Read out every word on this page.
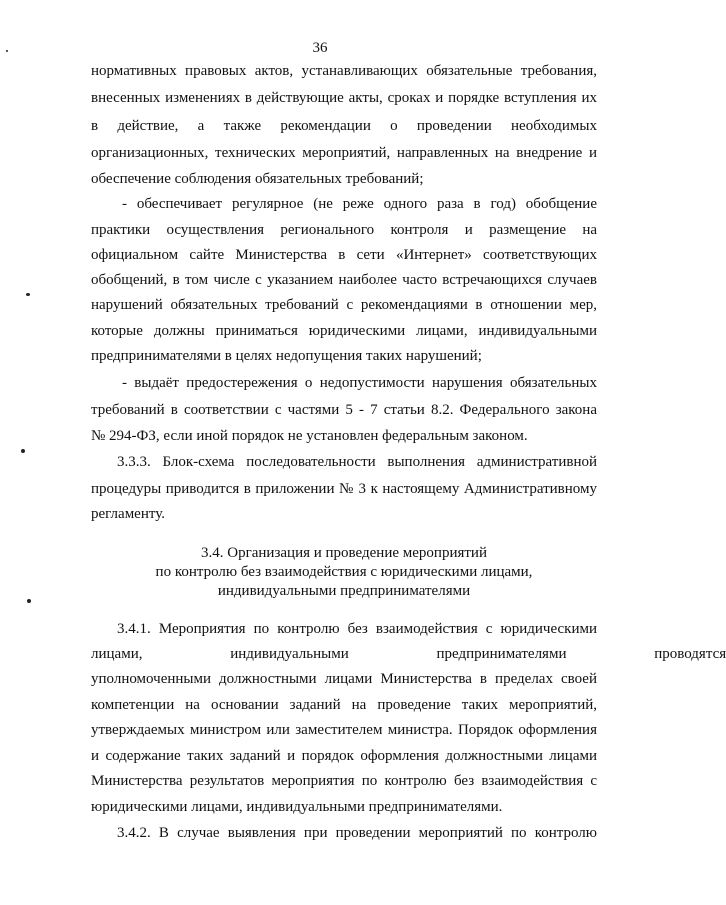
36
нормативных правовых актов, устанавливающих обязательные требования,
внесенных изменениях в действующие акты, сроках и порядке вступления их
в действие, а также рекомендации о проведении необходимых
организационных, технических мероприятий, направленных на внедрение и
обеспечение соблюдения обязательных требований;
- обеспечивает регулярное (не реже одного раза в год) обобщение
практики осуществления регионального контроля и размещение на
официальном сайте Министерства в сети «Интернет» соответствующих
обобщений, в том числе с указанием наиболее часто встречающихся случаев
нарушений обязательных требований с рекомендациями в отношении мер,
которые должны приниматься юридическими лицами, индивидуальными
предпринимателями в целях недопущения таких нарушений;
- выдаёт предостережения о недопустимости нарушения обязательных
требований в соответствии с частями 5 - 7 статьи 8.2. Федерального закона
№ 294-ФЗ, если иной порядок не установлен федеральным законом.
3.3.3. Блок-схема последовательности выполнения административной
процедуры приводится в приложении № 3 к настоящему Административному
регламенту.
3.4. Организация и проведение мероприятий
по контролю без взаимодействия с юридическими лицами,
индивидуальными предпринимателями
3.4.1. Мероприятия по контролю без взаимодействия с юридическими
лицами, индивидуальными предпринимателями проводятся
уполномоченными должностными лицами Министерства в пределах своей
компетенции на основании заданий на проведение таких мероприятий,
утверждаемых министром или заместителем министра. Порядок оформления
и содержание таких заданий и порядок оформления должностными лицами
Министерства результатов мероприятия по контролю без взаимодействия с
юридическими лицами, индивидуальными предпринимателями.
3.4.2. В случае выявления при проведении мероприятий по контролю
